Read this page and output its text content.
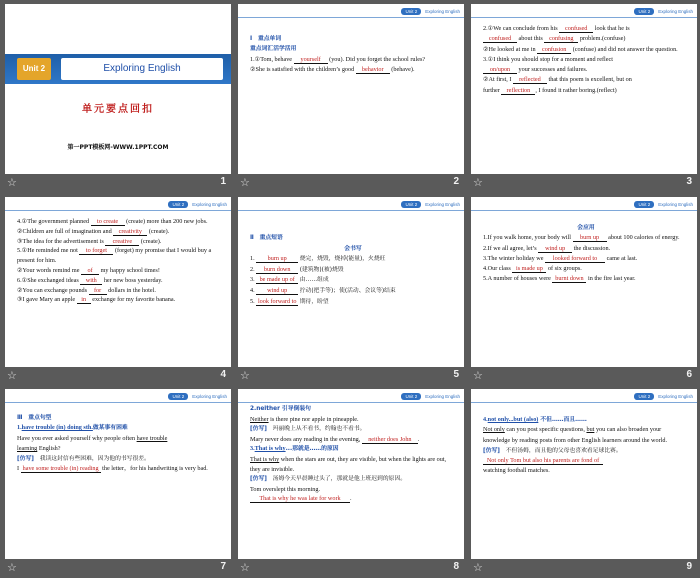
Unit 2	Exploring English
单元要点回扣
第一PPT模板网-WWW.1PPT.COM
☆	1
Unit 2	Exploring English

Ⅰ　重点单词

重点词汇活学活用

1.①Tom, behave yourself (you). Did you forget the school rules?

②She is satisfied with the children’s good behavior (behave).

☆	2
Unit 2	Exploring English

2.①We can conclude from his confused look that he is

confused about this confusing problem.(confuse)

②He looked at me in confusion (confuse) and did not answer the question.

3.①I think you should stop for a moment and reflect

on/upon your successes and failures.

②At first, I reflected that this poem is excellent, but on

further reflection , I found it rather boring.(reflect)

☆	3
Unit 2	Exploring English

4.①The government planned to create (create) more than 200 new jobs.

②Children are full of imagination and creativity (create).

③The idea for the advertisement is creative (create).

5.①He reminded me not to forget (forget) my promise that I would buy a present for him.

②Your words remind me of my happy school times!

6.①She exchanged ideas with her new boss yesterday.

②You can exchange pounds for dollars in the hotel.

③I gave Mary an apple in exchange for my favorite banana.

☆	4
Unit 2	Exploring English

Ⅱ　重点短语

会书写

1. burn up 烧完，烧毁，烧掉(能量)，火烧旺

2. burn down (建筑物)(被)烧毁

3. be made up of 由……组成

4. wind up 拧动(把手等)；使(活动、会议等)结束

5. look forward to 期待，盼望

☆	5
Unit 2	Exploring English

会应用

1.If you walk home, your body will burn up about 100 calories of energy.

2.If we all agree, let’s wind up the discussion.

3.The winter holiday we looked forward to came at last.

4.Our class is made up of six groups.

5.A number of houses were burnt down in the fire last year.

☆	6
Unit 2	Exploring English

Ⅲ　重点句型

1.have trouble (in) doing sth.做某事有困难

Have you ever asked yourself why people often have trouble

learning English?

[仿写]　我读这封信有些困难，因为他的书写很差。

I have some trouble (in) reading the letter，for his handwriting is very bad.

☆	7
Unit 2	Exploring English

2.neither 引导倒装句

Neither is there pine nor apple in pineapple.

[仿写]　玛丽晚上从不看书，约翰也不看书。

Mary never does any reading in the evening, neither does John .

3.That is why...那就是……的原因

That is why when the stars are out, they are visible, but when the lights are out, they are invisible.

[仿写]　汤姆今天早晨睡过头了，那就是他上班迟到的原因。

Tom overslept this morning.

That is why he was late for work .

☆	8
Unit 2	Exploring English

4.not only...but (also) 不但……而且……

Not only can you post specific questions, but you can also broaden your knowledge by reading posts from other English learners around the world.

[仿写]　不但汤姆，而且他的父母也喜欢看足球比赛。

Not only Tom but also his parents are fond of

watching football matches.

☆	9
